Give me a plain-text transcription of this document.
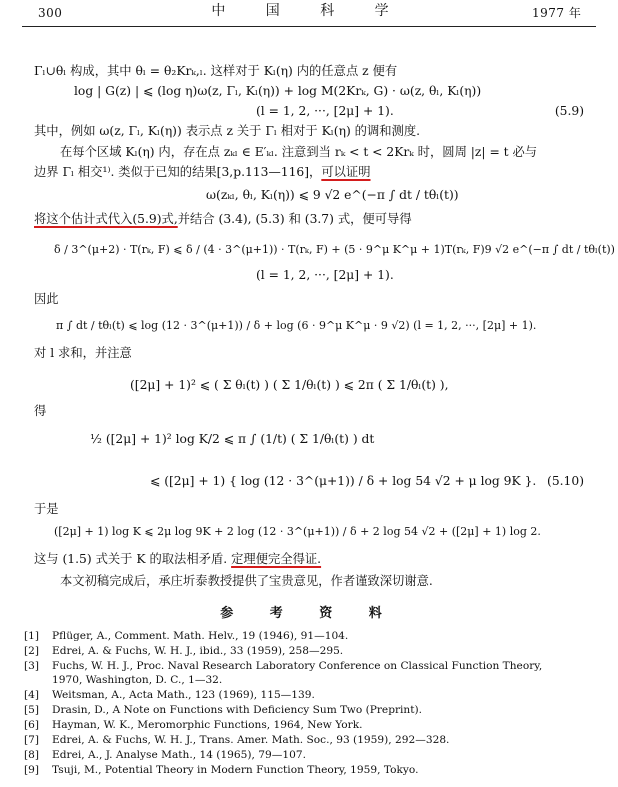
300	中 国 科 学	1977 年
Γₗ∪θₗ 构成，其中 θₗ = θ₂Krₖ,ₗ. 这样对于 Kₗ(η) 内的任意点 z 便有
log | G(z) | ⩽ (log η)ω(z, Γₗ, Kₗ(η)) + log M(2Krₖ, G) · ω(z, θₗ, Kₗ(η))
(l = 1, 2, ···, [2μ] + 1).	(5.9)
其中，例如 ω(z, Γₗ, Kₗ(η)) 表示点 z 关于 Γₗ 相对于 Kₗ(η) 的调和测度.
在每个区域 Kₗ(η) 内，存在点 zₖₗ ∈ E′ₖₗ. 注意到当 rₖ < t < 2Krₖ 时，圆周 |z| = t 必与
边界 Γₗ 相交¹⁾. 类似于已知的结果[3,p.113—116]，可以证明
ω(zₖₗ, θₗ, Kₗ(η)) ⩽ 9 √2 e^(−π ∫ dt / tθₗ(t))
将这个估计式代入(5.9)式,并结合 (3.4), (5.3) 和 (3.7) 式，便可导得
δ / 3^(μ+2) · T(rₖ, F) ⩽ δ / (4 · 3^(μ+1)) · T(rₖ, F) + (5 · 9^μ K^μ + 1)T(rₖ, F)9 √2 e^(−π ∫ dt / tθₗ(t))
(l = 1, 2, ···, [2μ] + 1).
因此
π ∫ dt / tθₗ(t) ⩽ log (12 · 3^(μ+1)) / δ + log (6 · 9^μ K^μ · 9 √2) (l = 1, 2, ···, [2μ] + 1).
对 l 求和，并注意
([2μ] + 1)² ⩽ ( Σ θₗ(t) ) ( Σ 1/θₗ(t) ) ⩽ 2π ( Σ 1/θₗ(t) ),
得
½ ([2μ] + 1)² log K/2 ⩽ π ∫ (1/t) ( Σ 1/θₗ(t) ) dt
⩽ ([2μ] + 1) { log (12 · 3^(μ+1)) / δ + log 54 √2 + μ log 9K }. (5.10)
于是
([2μ] + 1) log K ⩽ 2μ log 9K + 2 log (12 · 3^(μ+1)) / δ + 2 log 54 √2 + ([2μ] + 1) log 2.
这与 (1.5) 式关于 K 的取法相矛盾. 定理便完全得证.
本文初稿完成后，承庄圻泰教授提供了宝贵意见，作者谨致深切谢意.
参 考 资 料
[1] Pflüger, A., Comment. Math. Helv., 19 (1946), 91—104.
[2] Edrei, A. & Fuchs, W. H. J., ibid., 33 (1959), 258—295.
[3] Fuchs, W. H. J., Proc. Naval Research Laboratory Conference on Classical Function Theory,
1970, Washington, D. C., 1—32.
[4] Weitsman, A., Acta Math., 123 (1969), 115—139.
[5] Drasin, D., A Note on Functions with Deficiency Sum Two (Preprint).
[6] Hayman, W. K., Meromorphic Functions, 1964, New York.
[7] Edrei, A. & Fuchs, W. H. J., Trans. Amer. Math. Soc., 93 (1959), 292—328.
[8] Edrei, A., J. Analyse Math., 14 (1965), 79—107.
[9] Tsuji, M., Potential Theory in Modern Function Theory, 1959, Tokyo.
